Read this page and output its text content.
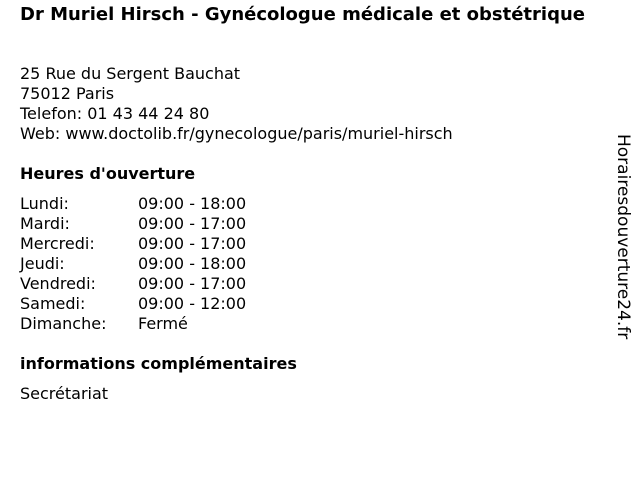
Dr Muriel Hirsch - Gynécologue médicale et obstétrique
25 Rue du Sergent Bauchat
75012 Paris
Telefon: 01 43 44 24 80
Web: www.doctolib.fr/gynecologue/paris/muriel-hirsch
Heures d'ouverture
Lundi:	09:00 - 18:00
Mardi:	09:00 - 17:00
Mercredi:	09:00 - 17:00
Jeudi:	09:00 - 18:00
Vendredi:	09:00 - 17:00
Samedi:	09:00 - 12:00
Dimanche:	Fermé
informations complémentaires
Secrétariat
Horairesdouverture24.fr
